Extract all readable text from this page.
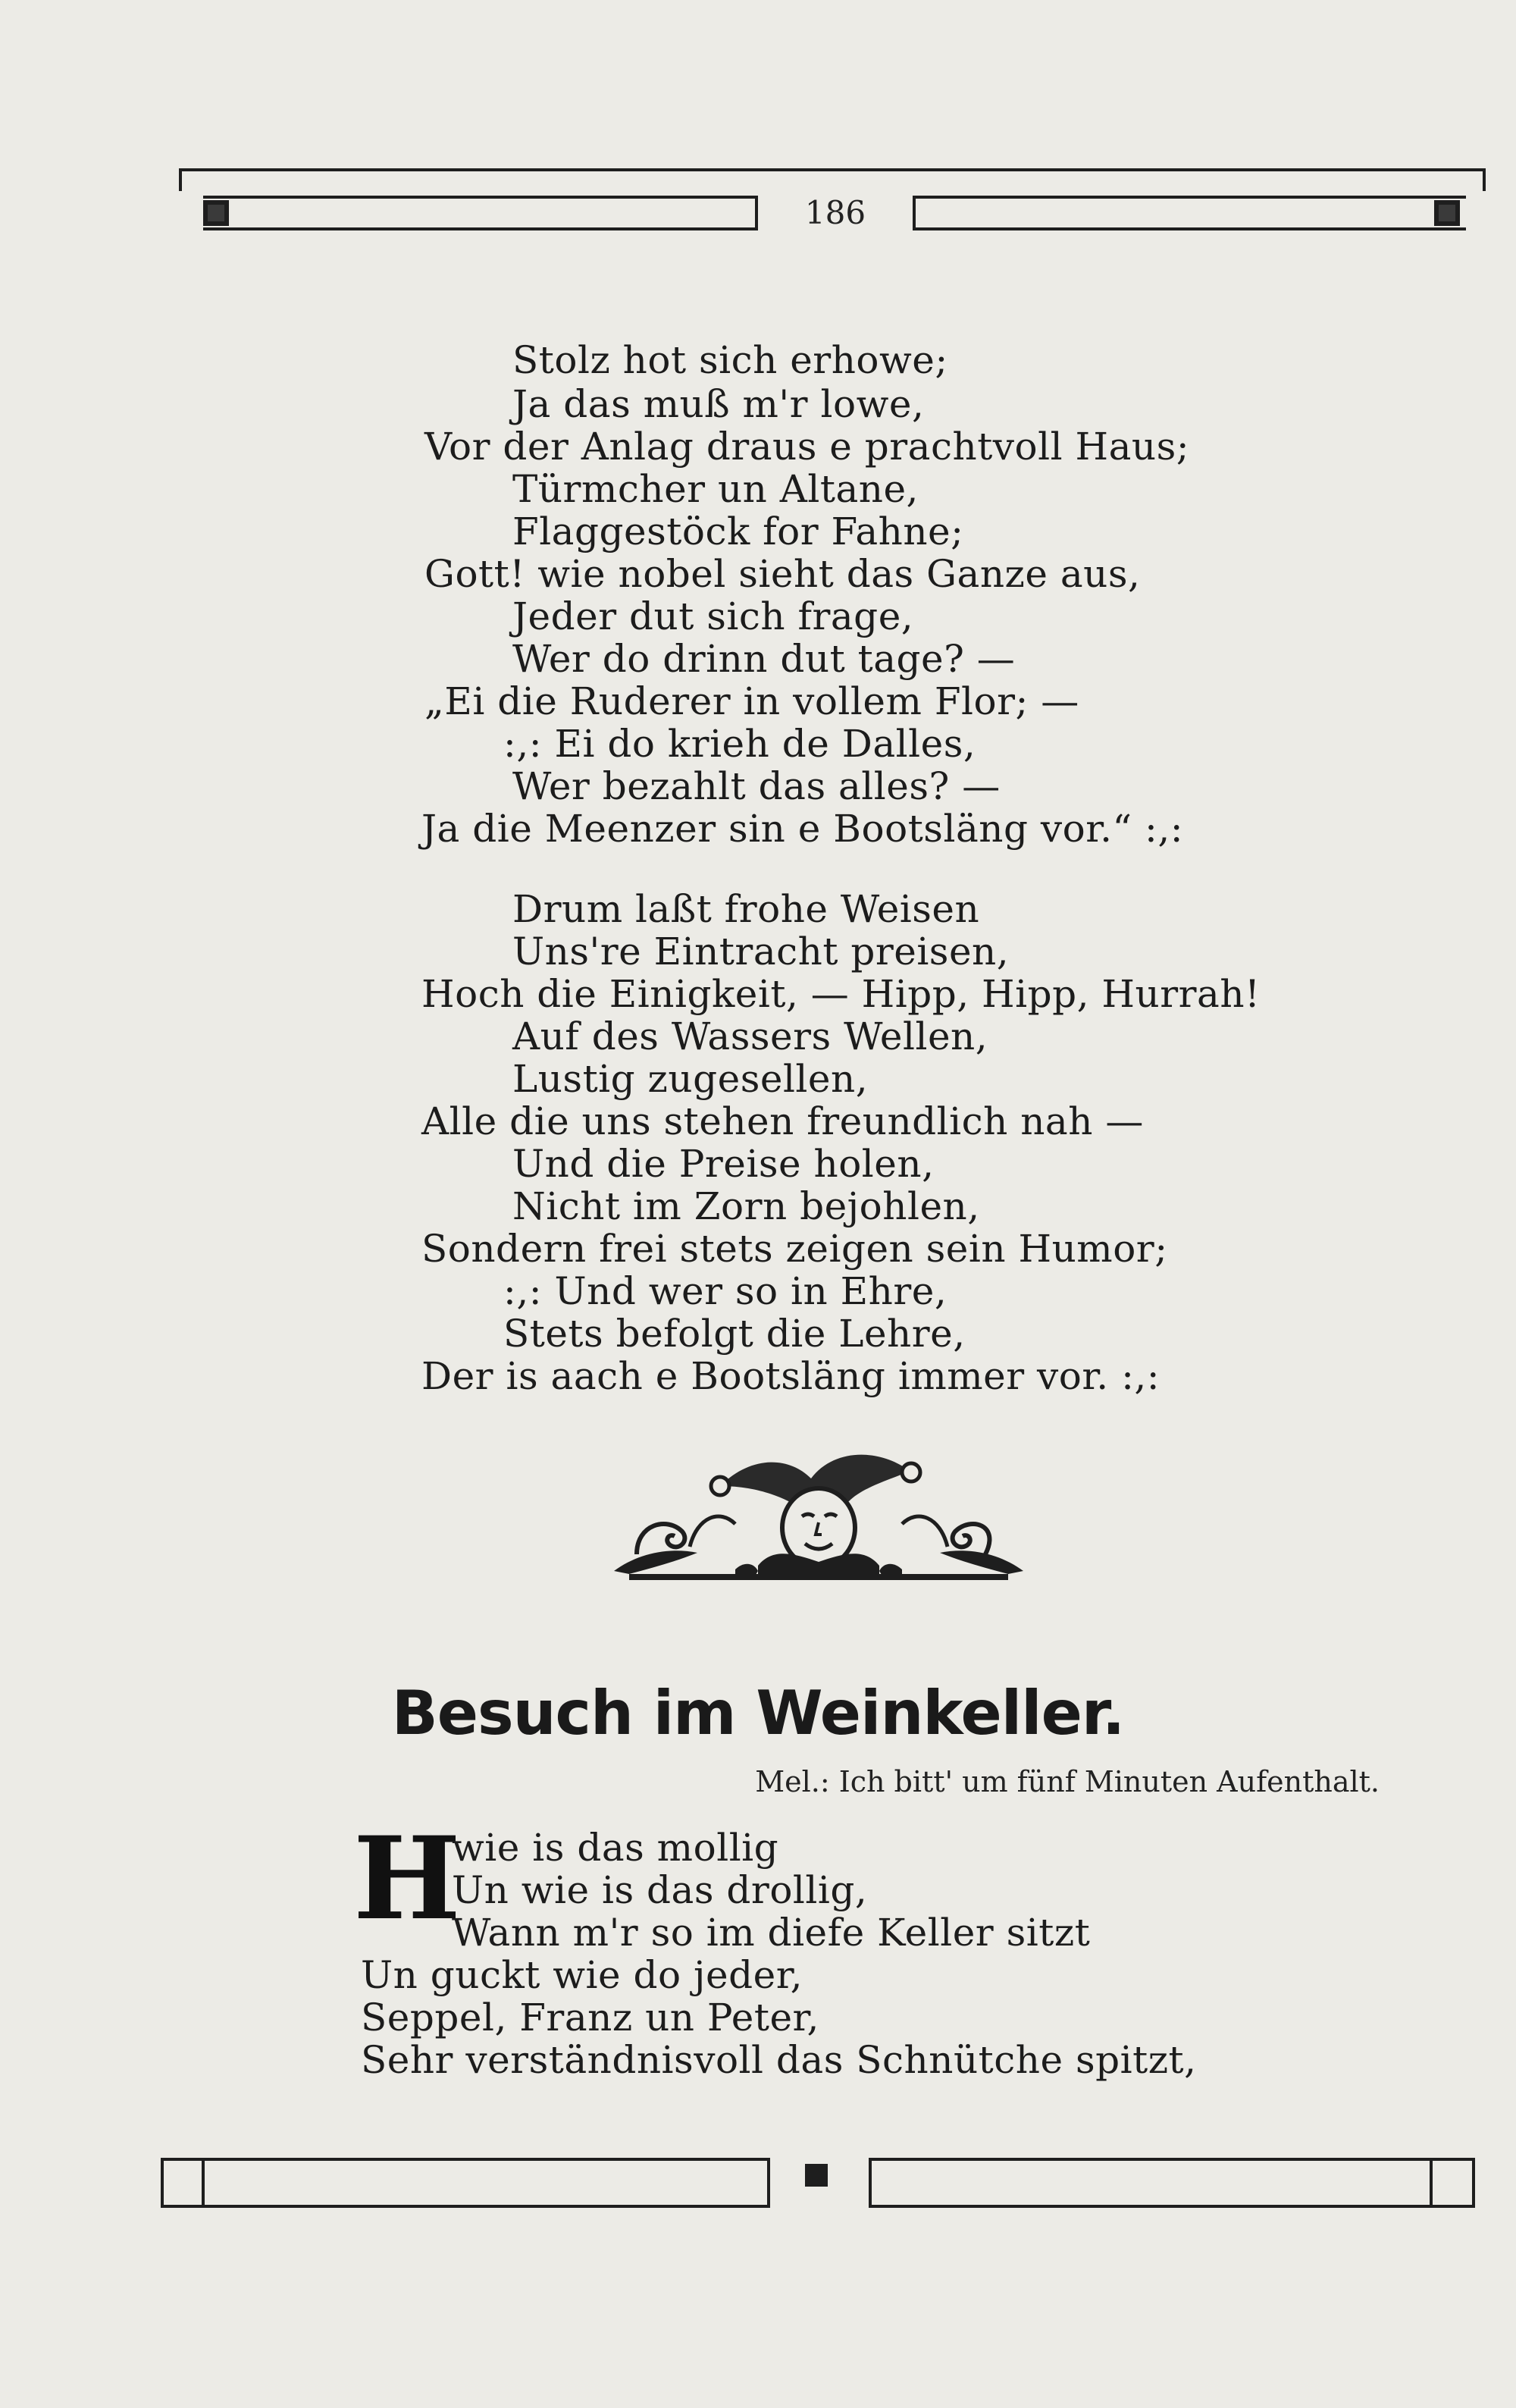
186
Stolz hot sich erhowe;
Ja das muß m'r lowe,
Vor der Anlag draus e prachtvoll Haus;
Türmcher un Altane,
Flaggestöck for Fahne;
Gott! wie nobel sieht das Ganze aus,
Jeder dut sich frage,
Wer do drinn dut tage? —
„Ei die Ruderer in vollem Flor; —
:,: Ei do krieh de Dalles,
Wer bezahlt das alles? —
Ja die Meenzer sin e Bootsläng vor.“ :,:
Drum laßt frohe Weisen
Uns're Eintracht preisen,
Hoch die Einigkeit, — Hipp, Hipp, Hurrah!
Auf des Wassers Wellen,
Lustig zugesellen,
Alle die uns stehen freundlich nah —
Und die Preise holen,
Nicht im Zorn bejohlen,
Sondern frei stets zeigen sein Humor;
:,: Und wer so in Ehre,
Stets befolgt die Lehre,
Der is aach e Bootsläng immer vor. :,:
Besuch im Weinkeller.
Mel.: Ich bitt' um fünf Minuten Aufenthalt.
H
wie is das mollig
Un wie is das drollig,
Wann m'r so im diefe Keller sitzt
Un guckt wie do jeder,
Seppel, Franz un Peter,
Sehr verständnisvoll das Schnütche spitzt,
